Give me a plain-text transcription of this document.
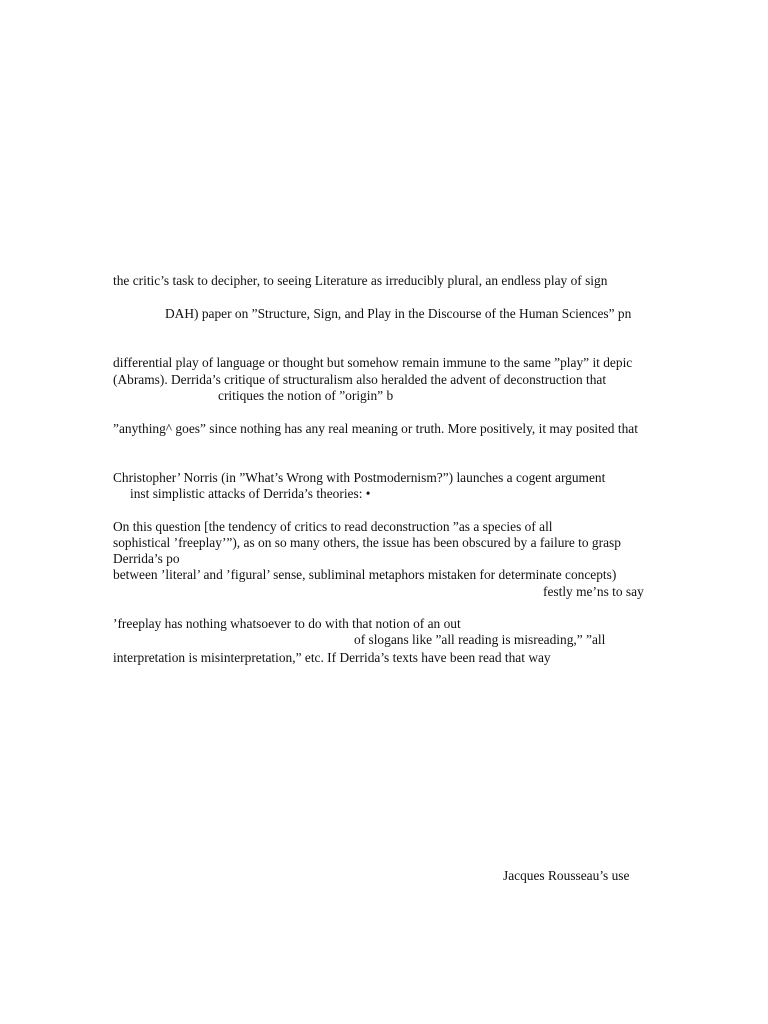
the critic’s task to decipher, to seeing Literature as irreducibly plural, an endless play of sign
DAH) paper on ”Structure, Sign, and Play in the Discourse of the Human Sciences” pn
differential play of language or thought but somehow remain immune to the same ”play” it depic
(Abrams). Derrida’s critique of structuralism also heralded the advent of deconstruction that
critiques the notion of ”origin” b
”anything^ goes” since nothing has any real meaning or truth. More positively, it may posited that
Christopher’ Norris (in ”What’s Wrong with Postmodernism?”) launches a cogent argument
inst simplistic attacks of Derrida’s theories: •
On this question [the tendency of critics to read deconstruction ”as a species of all
sophistical ’freeplay’”), as on so many others, the issue has been obscured by a failure to grasp
Derrida’s po
between ’literal’ and ’figural’ sense, subliminal metaphors mistaken for determinate concepts)
festly me’ns to say
’freeplay has nothing whatsoever to do with that notion of an out
of slogans like ”all reading is misreading,” ”all
interpretation is misinterpretation,” etc. If Derrida’s texts have been read that way
Jacques Rousseau’s use
